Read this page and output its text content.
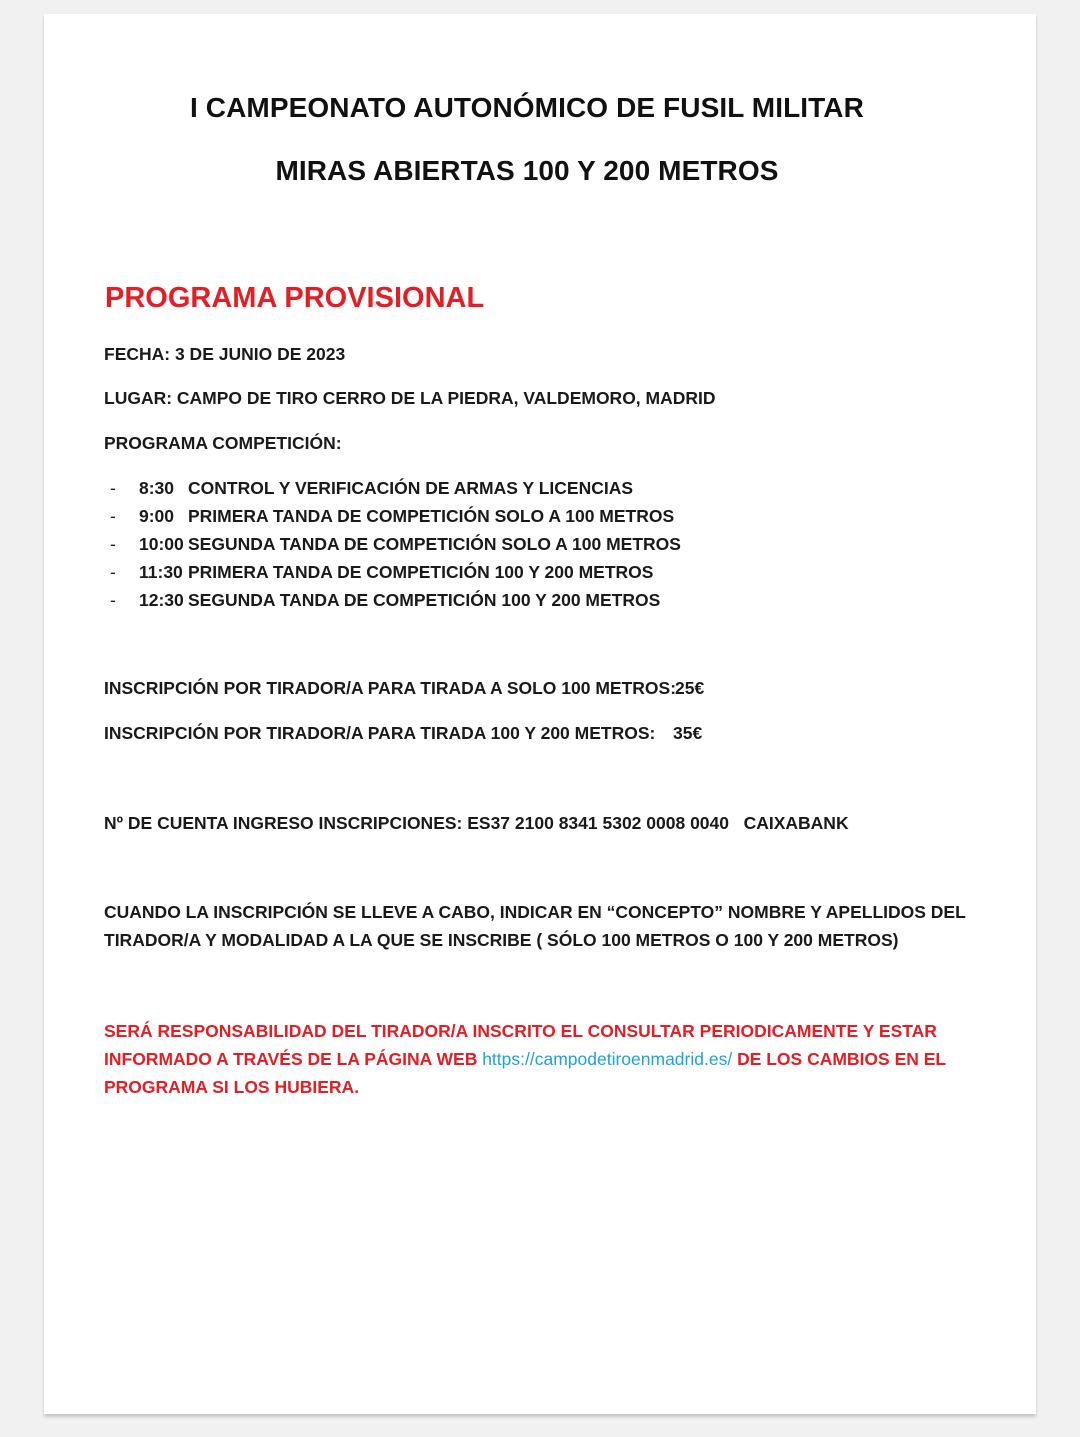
I CAMPEONATO AUTONÓMICO DE FUSIL MILITAR
MIRAS ABIERTAS 100 Y 200 METROS
PROGRAMA PROVISIONAL

FECHA: 3 DE JUNIO DE 2023

LUGAR: CAMPO DE TIRO CERRO DE LA PIEDRA, VALDEMORO, MADRID

PROGRAMA COMPETICIÓN:

- 8:30 CONTROL Y VERIFICACIÓN DE ARMAS Y LICENCIAS
- 9:00 PRIMERA TANDA DE COMPETICIÓN SOLO A 100 METROS
- 10:00 SEGUNDA TANDA DE COMPETICIÓN SOLO A 100 METROS
- 11:30 PRIMERA TANDA DE COMPETICIÓN 100 Y 200 METROS
- 12:30 SEGUNDA TANDA DE COMPETICIÓN 100 Y 200 METROS

INSCRIPCIÓN POR TIRADOR/A PARA TIRADA A SOLO 100 METROS:

25€

INSCRIPCIÓN POR TIRADOR/A PARA TIRADA 100 Y 200 METROS: 35€

Nº DE CUENTA INGRESO INSCRIPCIONES: ES37 2100 8341 5302 0008 0040   CAIXABANK

CUANDO LA INSCRIPCIÓN SE LLEVE A CABO, INDICAR EN “CONCEPTO” NOMBRE Y APELLIDOS DEL TIRADOR/A Y MODALIDAD A LA QUE SE INSCRIBE ( SÓLO 100 METROS O 100 Y 200 METROS)

SERÁ RESPONSABILIDAD DEL TIRADOR/A INSCRITO EL CONSULTAR PERIODICAMENTE Y ESTAR INFORMADO A TRAVÉS DE LA PÁGINA WEB https://campodetiroenmadrid.es/ DE LOS CAMBIOS EN EL PROGRAMA SI LOS HUBIERA.
